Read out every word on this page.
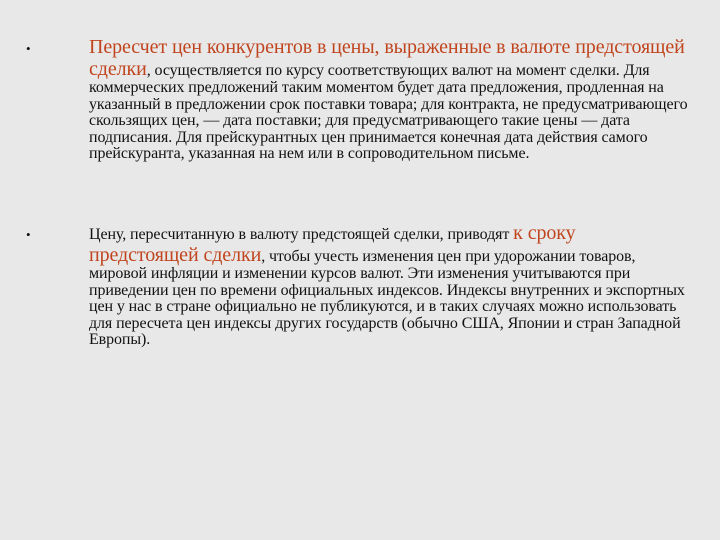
•	Пересчет цен конкурентов в цены, выраженные в валюте предстоящей сделки, осуществляется по курсу соответствующих валют на момент сделки. Для коммерческих предложений таким моментом будет дата предложения, продленная на указанный в предложении срок поставки товара; для контракта, не предусматривающего скользящих цен, — дата поставки; для предусматривающего такие цены — дата подписания. Для прейскурантных цен принимается конечная дата действия самого прейскуранта, указанная на нем или в сопроводительном письме.
•	Цену, пересчитанную в валюту предстоящей сделки, приводят к сроку предстоящей сделки, чтобы учесть изменения цен при удорожании товаров, мировой инфляции и изменении курсов валют. Эти изменения учитываются при приведении цен по времени официальных индексов. Индексы внутренних и экспортных цен у нас в стране официально не публикуются, и в таких случаях можно использовать для пересчета цен индексы других государств (обычно США, Японии и стран Западной Европы).
